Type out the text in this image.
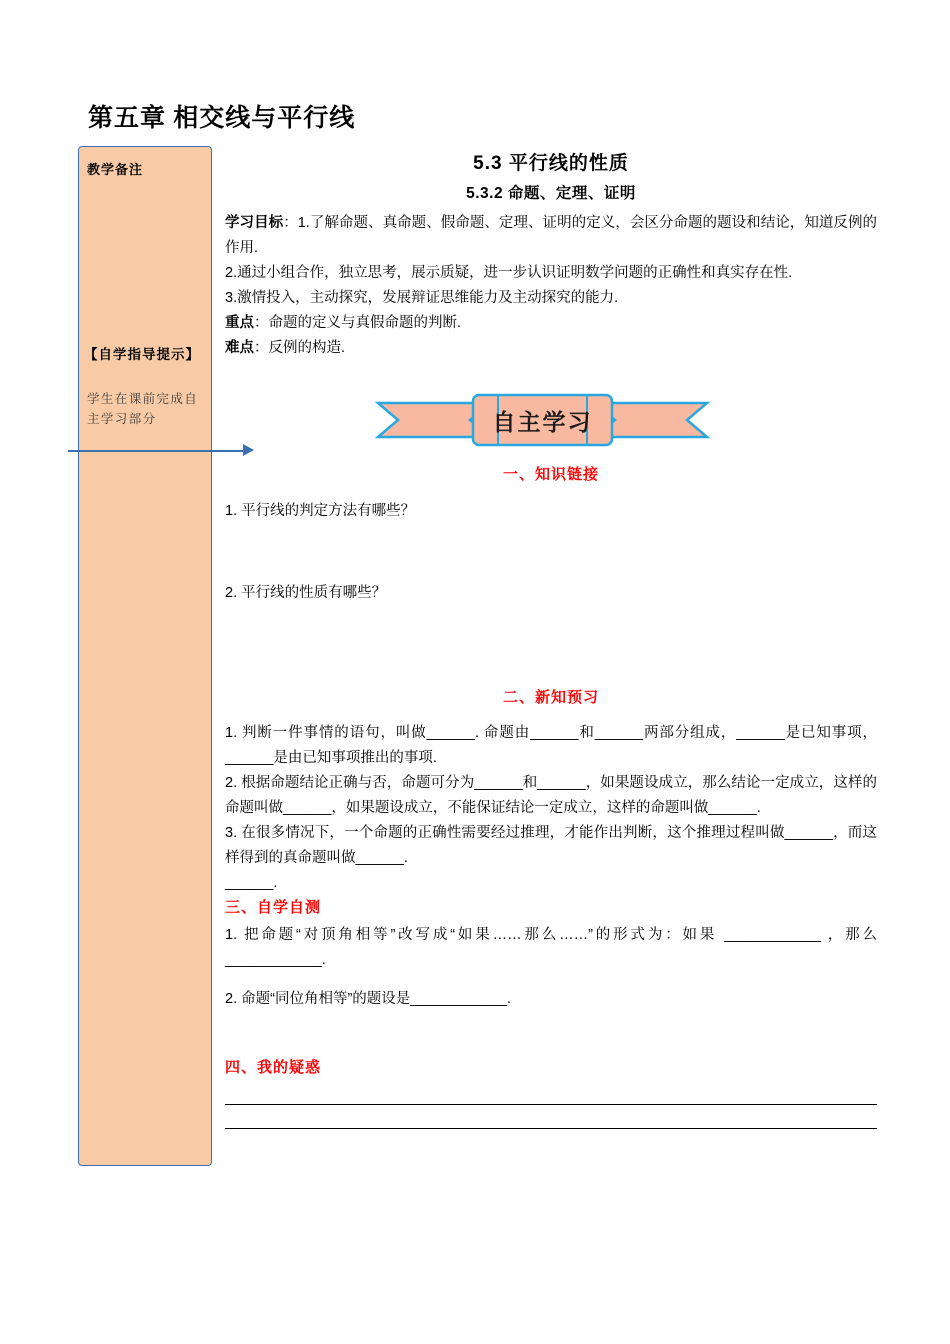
第五章 相交线与平行线
教学备注
【自学指导提示】
学生在课前完成自主学习部分
5.3 平行线的性质
5.3.2 命题、定理、证明

学习目标：1.了解命题、真命题、假命题、定理、证明的定义，会区分命题的题设和结论，知道反例的作用.

2.通过小组合作，独立思考，展示质疑，进一步认识证明数学问题的正确性和真实存在性.

3.激情投入，主动探究，发展辩证思维能力及主动探究的能力.

重点：命题的定义与真假命题的判断.

难点：反例的构造.

自主学习
一、知识链接

1. 平行线的判定方法有哪些？

2. 平行线的性质有哪些？

二、新知预习

1. 判断一件事情的语句，叫做______. 命题由______和______两部分组成，______是已知事项，______是由已知事项推出的事项.

2. 根据命题结论正确与否，命题可分为______和______，如果题设成立，那么结论一定成立，这样的命题叫做______，如果题设成立，不能保证结论一定成立，这样的命题叫做______.

3. 在很多情况下，一个命题的正确性需要经过推理，才能作出判断，这个推理过程叫做______，而这样得到的真命题叫做______.

______.

三、自学自测

1. 把命题“对顶角相等”改写成“如果……那么……”的形式为：如果 ____________ ，那么____________.

2. 命题“同位角相等”的题设是____________.

四、我的疑惑
